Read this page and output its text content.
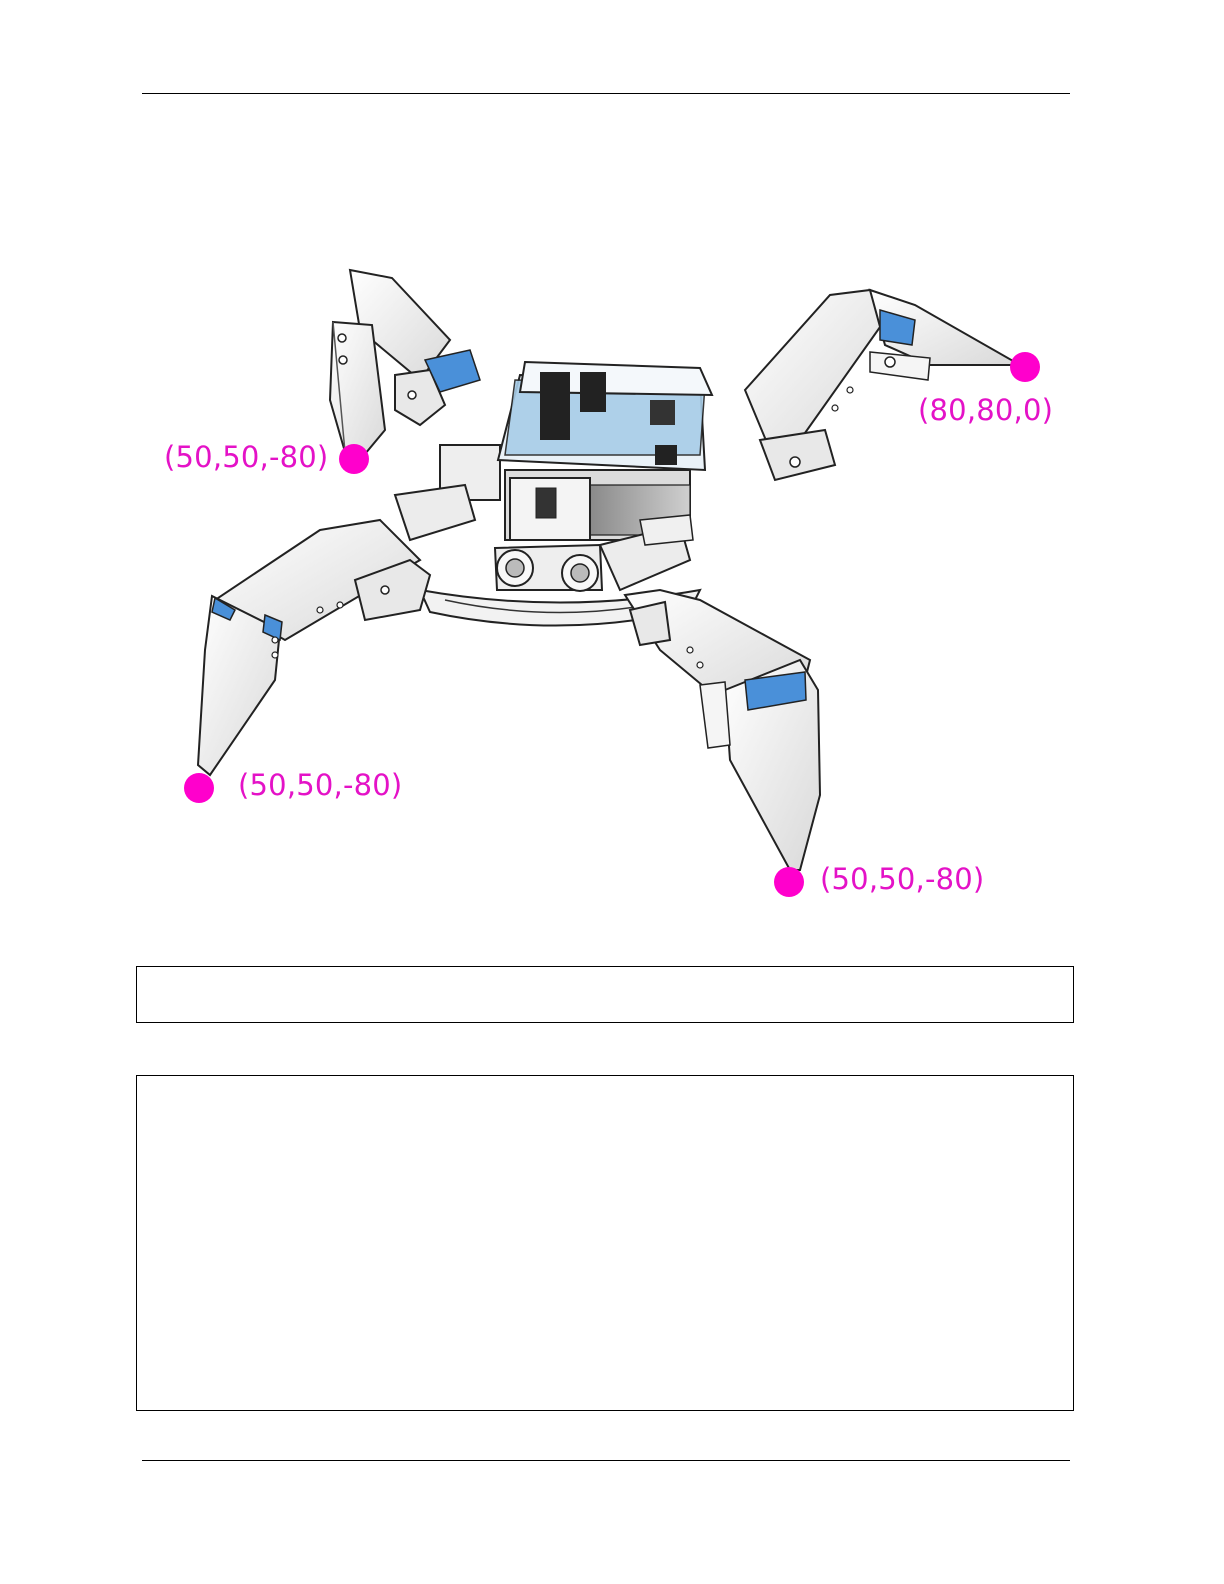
(50,50,-80)
(80,80,0)
(50,50,-80)
(50,50,-80)
